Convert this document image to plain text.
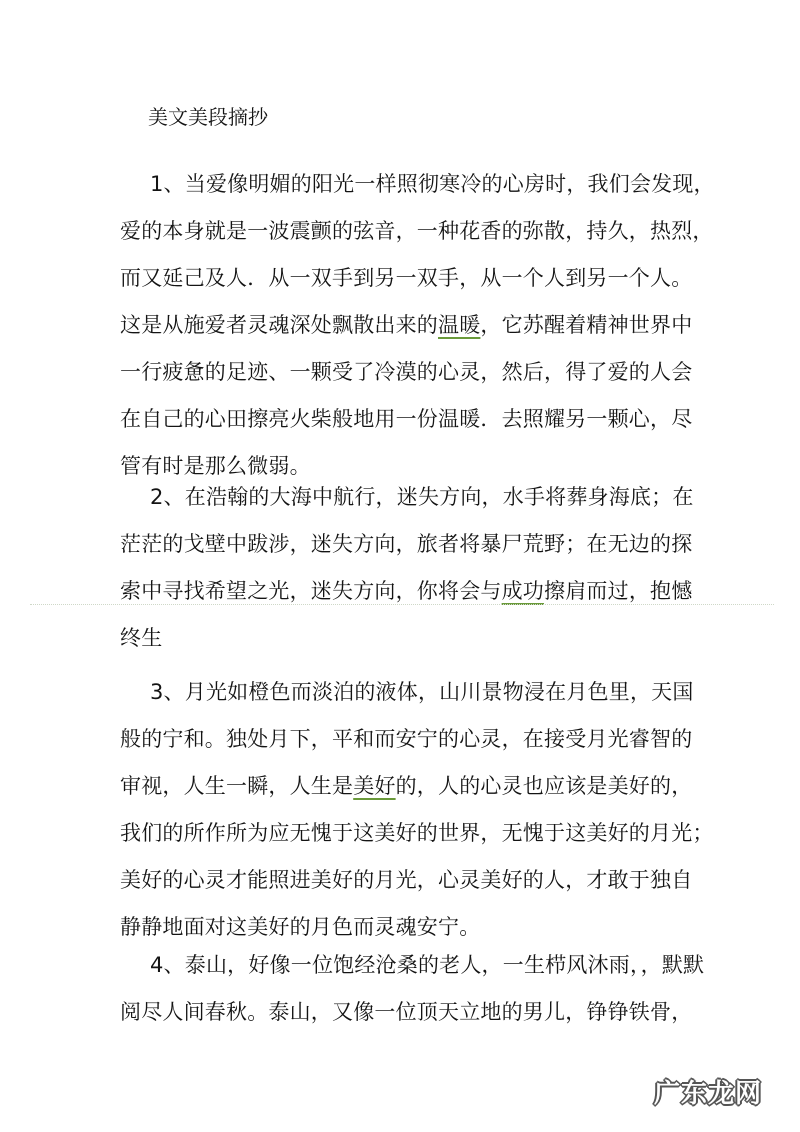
美文美段摘抄
1、当爱像明媚的阳光一样照彻寒冷的心房时，我们会发现，
爱的本身就是一波震颤的弦音，一种花香的弥散，持久，热烈，
而又延己及人．从一双手到另一双手，从一个人到另一个人。
这是从施爱者灵魂深处飘散出来的温暖，它苏醒着精神世界中
一行疲惫的足迹、一颗受了冷漠的心灵，然后，得了爱的人会
在自己的心田擦亮火柴般地用一份温暖．去照耀另一颗心，尽
管有时是那么微弱。
2、在浩翰的大海中航行，迷失方向，水手将葬身海底；在
茫茫的戈壁中跋涉，迷失方向，旅者将暴尸荒野；在无边的探
索中寻找希望之光，迷失方向，你将会与成功擦肩而过，抱憾
终生
3、月光如橙色而淡泊的液体，山川景物浸在月色里，天国
般的宁和。独处月下，平和而安宁的心灵，在接受月光睿智的
审视，人生一瞬，人生是美好的，人的心灵也应该是美好的，
我们的所作所为应无愧于这美好的世界，无愧于这美好的月光；
美好的心灵才能照进美好的月光，心灵美好的人，才敢于独自
静静地面对这美好的月色而灵魂安宁。
4、泰山，好像一位饱经沧桑的老人，一生栉风沐雨，，默默
阅尽人间春秋。泰山，又像一位顶天立地的男儿，铮铮铁骨，
广东龙网
